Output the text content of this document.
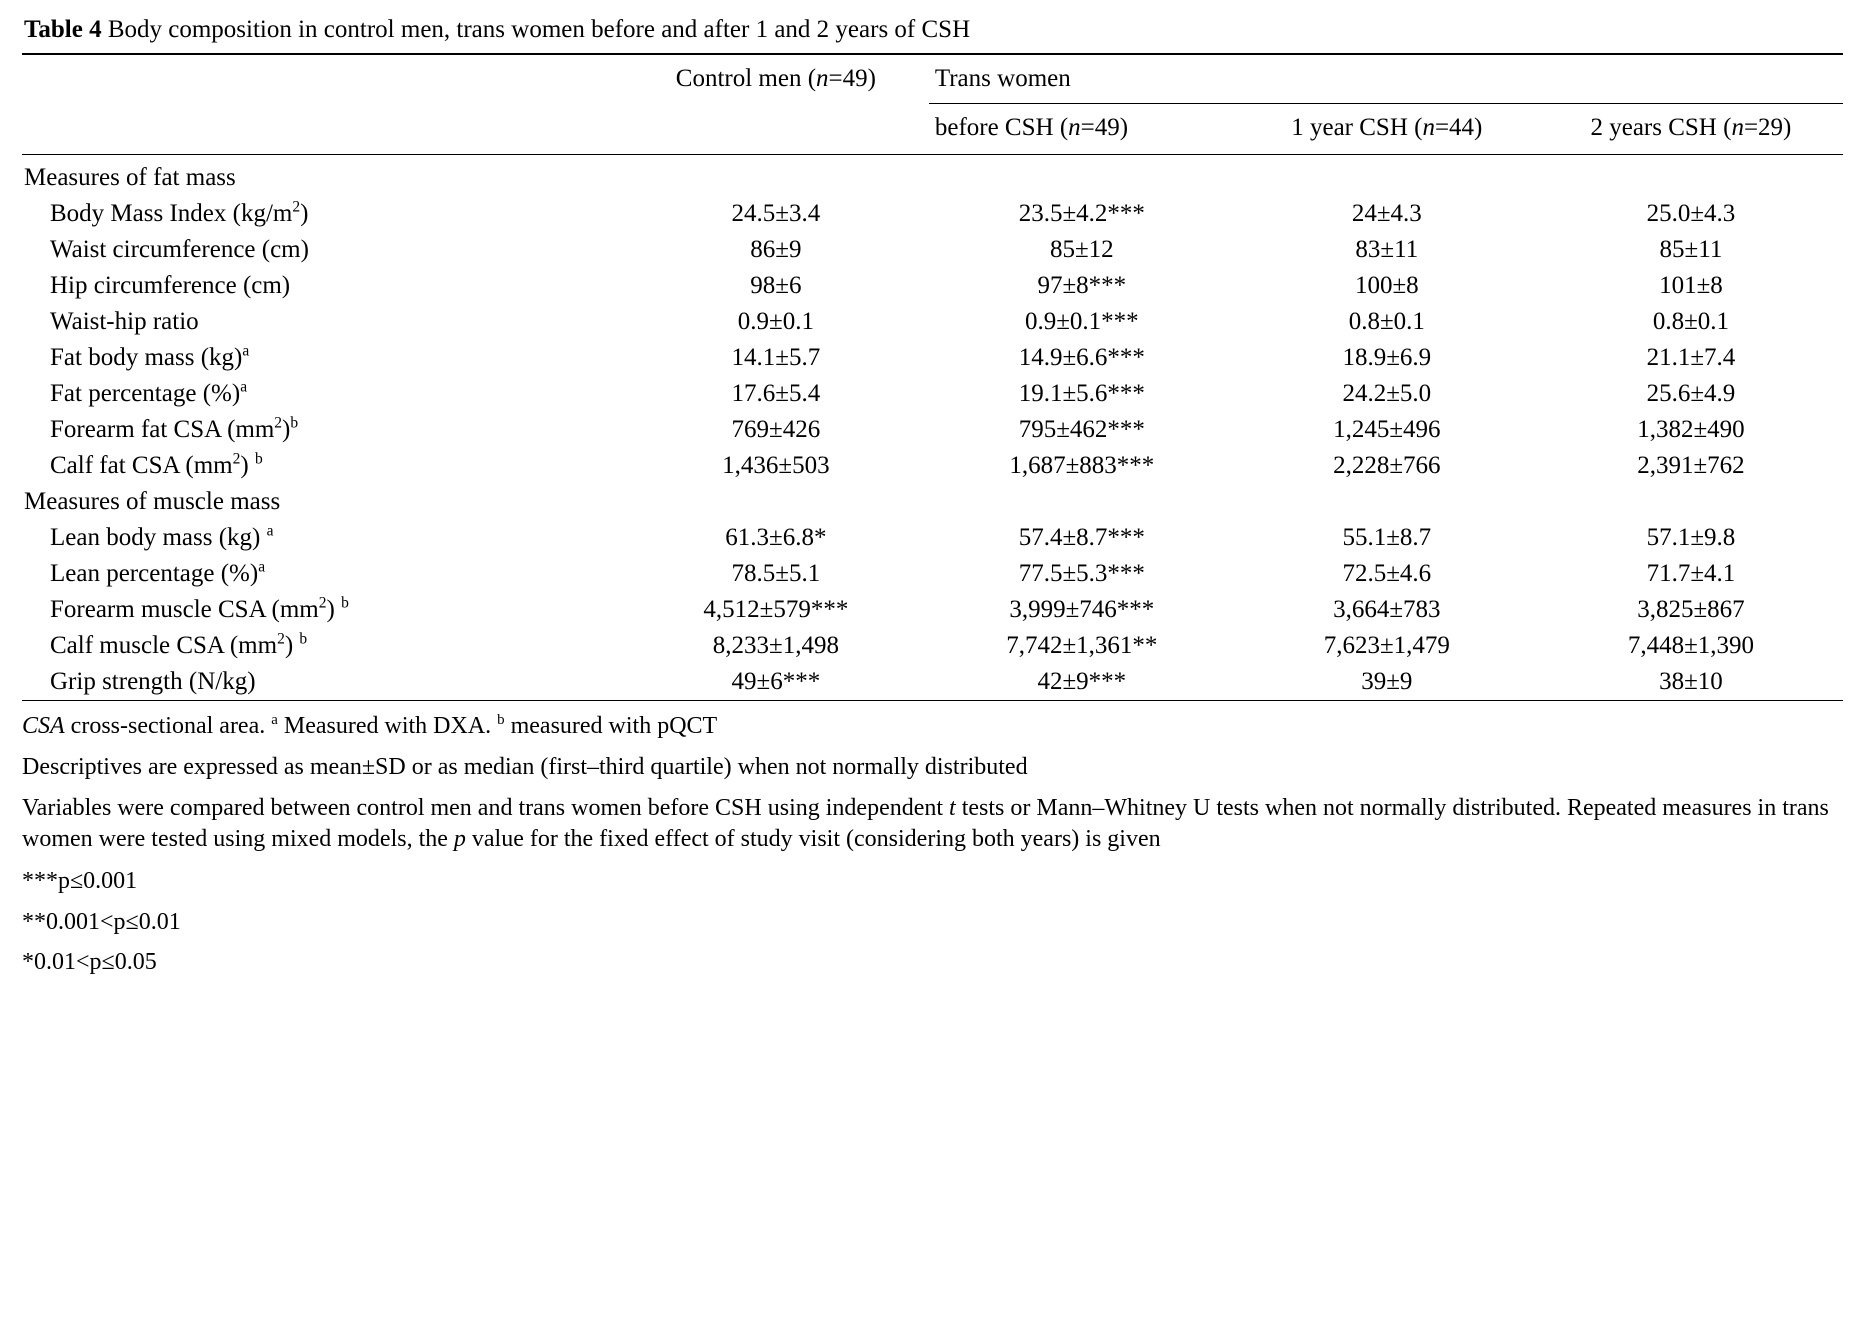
Table 4 Body composition in control men, trans women before and after 1 and 2 years of CSH
	Control men (n=49)	Trans women		

		before CSH (n=49)	1 year CSH (n=44)	2 years CSH (n=29)
Measures of fat mass				
Body Mass Index $(kg/m^2)$	24.5±3.4	23.5±4.2***	24±4.3	25.0±4.3
Waist circumference (cm)	86±9	85±12	83±11	85±11
Hip circumference (cm)	98±6	97±8***	100±8	101±8
Waist-hip ratio	0.9±0.1	0.9±0.1***	0.8±0.1	0.8±0.1
Fat body mass (kg)$^a$	14.1±5.7	14.9±6.6***	18.9±6.9	21.1±7.4
Fat percentage (%)$^a$	17.6±5.4	19.1±5.6***	24.2±5.0	25.6±4.9
Forearm fat CSA $(mm^2)^b$	769±426	795±462***	1,245±496	1,382±490
Calf fat CSA $(mm^2)$ $^b$	1,436±503	1,687±883***	2,228±766	2,391±762
Measures of muscle mass				
Lean body mass (kg) $^a$	61.3±6.8*	57.4±8.7***	55.1±8.7	57.1±9.8
Lean percentage (%)$^a$	78.5±5.1	77.5±5.3***	72.5±4.6	71.7±4.1
Forearm muscle CSA $(mm^2)$ $^b$	4,512±579***	3,999±746***	3,664±783	3,825±867
Calf muscle CSA $(mm^2)$ $^b$	8,233±1,498	7,742±1,361**	7,623±1,479	7,448±1,390
Grip strength (N/kg)	49±6***	42±9***	39±9	38±10

CSA cross-sectional area. $^a$ Measured with DXA. $^b$ measured with pQCT

Descriptives are expressed as mean±SD or as median (first–third quartile) when not normally distributed

Variables were compared between control men and trans women before CSH using independent t tests or Mann–Whitney U tests when not normally distributed. Repeated measures in trans women were tested using mixed models, the p value for the fixed effect of study visit (considering both years) is given

***p≤0.001

**0.001<p≤0.01

*0.01<p≤0.05
